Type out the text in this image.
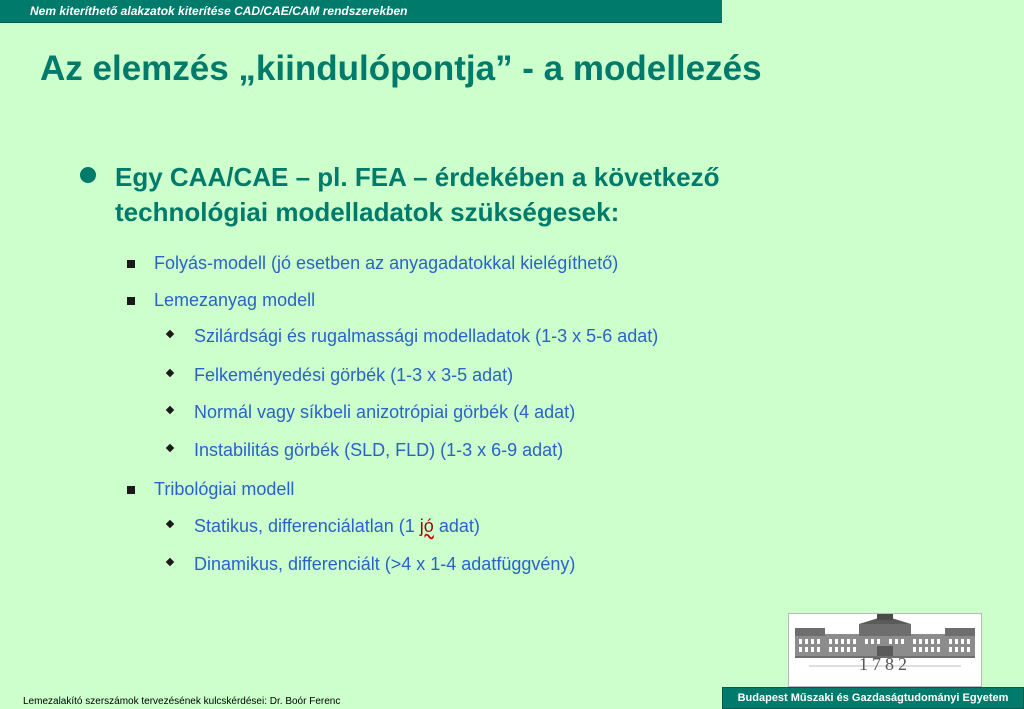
Nem kiteríthető alakzatok kiterítése CAD/CAE/CAM rendszerekben
Az elemzés „kiindulópontja” - a modellezés
Egy CAA/CAE – pl. FEA – érdekében a következő technológiai modelladatok szükségesek:
Folyás-modell (jó esetben az anyagadatokkal kielégíthető)
Lemezanyag modell
Szilárdsági és rugalmassági modelladatok (1-3 x 5-6 adat)
Felkeményedési görbék (1-3 x 3-5 adat)
Normál vagy síkbeli anizotrópiai görbék (4 adat)
Instabilitás görbék (SLD, FLD) (1-3 x 6-9 adat)
Tribológiai modell
Statikus, differenciálatlan (1 jó adat)
Dinamikus, differenciált (>4 x 1-4 adatfüggvény)
1782
Lemezalakító szerszámok tervezésének kulcskérdései: Dr. Boór Ferenc	Budapest Műszaki és Gazdaságtudományi Egyetem
